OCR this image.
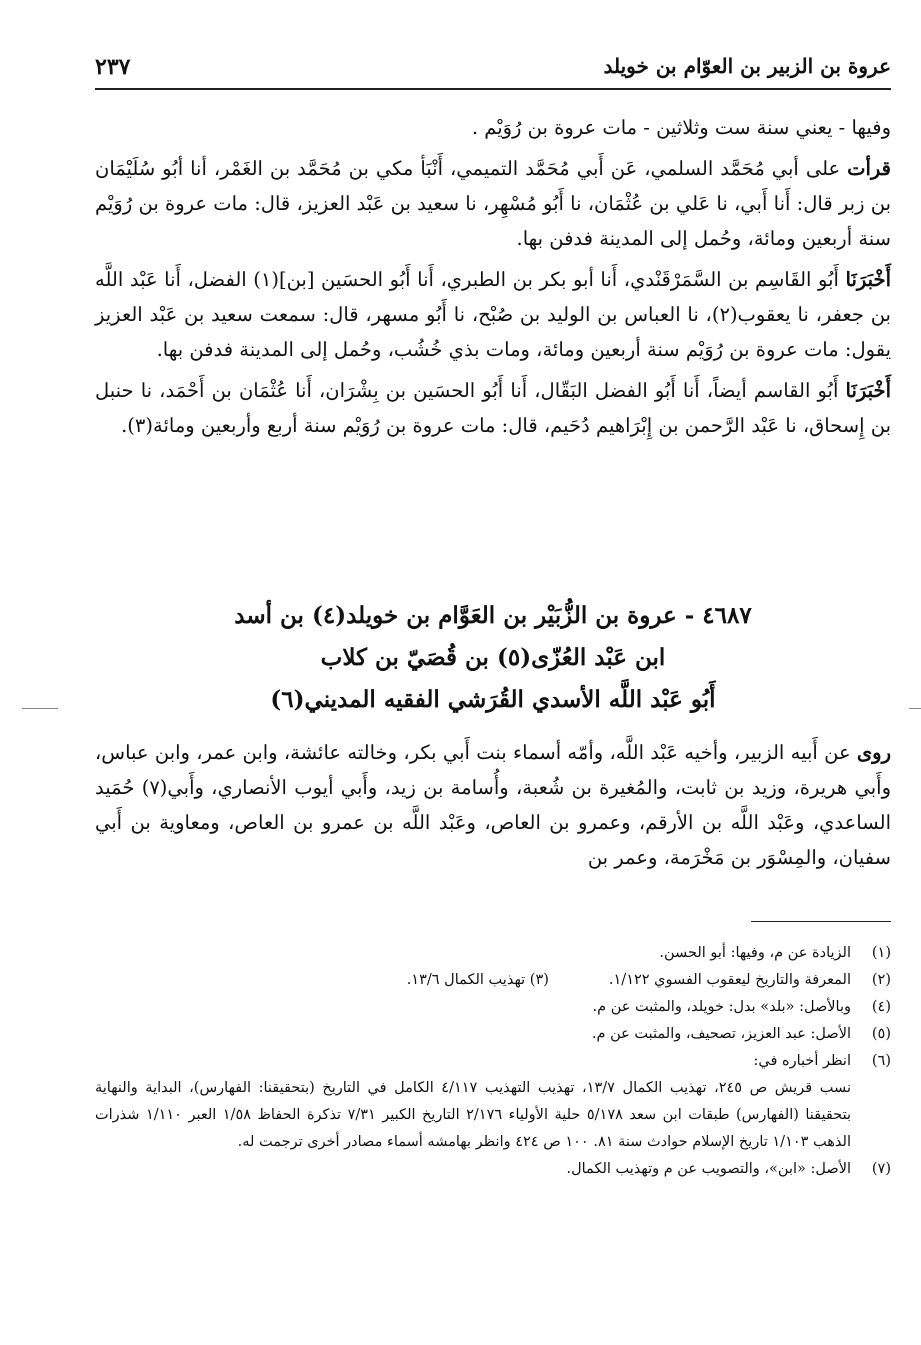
عروة بن الزبير بن العوّام بن خويلد
٢٣٧

وفيها - يعني سنة ست وثلاثين - مات عروة بن رُوَيْم .

قرأت على أبي مُحَمَّد السلمي، عَن أَبي مُحَمَّد التميمي، أَنْبَأ مكي بن مُحَمَّد بن الغَمْر، أنا أبُو سُلَيْمَان بن زبر قال: أَنا أَبي، نا عَلي بن عُثْمَان، نا أَبُو مُسْهِر، نا سعيد بن عَبْد العزيز، قال: مات عروة بن رُوَيْم سنة أربعين ومائة، وحُمل إلى المدينة فدفن بها.

أَخْبَرَنَا أَبُو القَاسِم بن السَّمَرْقَنْدي، أَنا أبو بكر بن الطبري، أَنا أَبُو الحسَين [بن](١) الفضل، أَنا عَبْد اللَّه بن جعفر، نا يعقوب(٢)، نا العباس بن الوليد بن صُبْح، نا أَبُو مسهر، قال: سمعت سعيد بن عَبْد العزيز يقول: مات عروة بن رُوَيْم سنة أربعين ومائة، ومات بذي خُشُب، وحُمل إلى المدينة فدفن بها.

أَخْبَرَنَا أَبُو القاسم أيضاً، أَنا أَبُو الفضل البَقّال، أَنا أَبُو الحسَين بن بِشْرَان، أَنا عُثْمَان بن أَحْمَد، نا حنبل بن إِسحاق، نا عَبْد الرَّحمن بن إِبْرَاهيم دُحَيم، قال: مات عروة بن رُوَيْم سنة أربع وأربعين ومائة(٣).

٤٦٨٧ - عروة بن الزُّبَيْر بن العَوَّام بن خويلد(٤) بن أسد
ابن عَبْد العُزّى(٥) بن قُصَيّ بن كلاب
أَبُو عَبْد اللَّه الأسدي القُرَشي الفقيه المديني(٦)
روى عن أَبيه الزبير، وأخيه عَبْد اللَّه، وأمّه أسماء بنت أَبي بكر، وخالته عائشة، وابن عمر، وابن عباس، وأَبي هريرة، وزيد بن ثابت، والمُغيرة بن شُعبة، وأُسامة بن زيد، وأَبي أيوب الأنصاري، وأَبي(٧) حُمَيد الساعدي، وعَبْد اللَّه بن الأرقم، وعمرو بن العاص، وعَبْد اللَّه بن عمرو بن العاص، ومعاوية بن أَبي سفيان، والمِسْوَر بن مَخْرَمة، وعمر بن
(١)
الزيادة عن م، وفيها: أبو الحسن.
(٢)
المعرفة والتاريخ ليعقوب الفسوي ١/١٢٢.(٣) تهذيب الكمال ١٣/٦.
(٤)
وبالأصل: «بلد» بدل: خويلد، والمثبت عن م.
(٥)
الأصل: عبد العزيز، تصحيف، والمثبت عن م.
(٦)
انظر أخباره في:
نسب قريش ص ٢٤٥، تهذيب الكمال ١٣/٧، تهذيب التهذيب ٤/١١٧ الكامل في التاريخ (بتحقيقنا: الفهارس)، البداية والنهاية بتحقيقنا (الفهارس) طبقات ابن سعد ٥/١٧٨ حلية الأولياء ٢/١٧٦ التاريخ الكبير ٧/٣١ تذكرة الحفاظ ١/٥٨ العبر ١/١١٠ شذرات الذهب ١/١٠٣ تاريخ الإسلام حوادث سنة ٨١. ١٠٠ ص ٤٢٤ وانظر بهامشه أسماء مصادر أخرى ترجمت له.
(٧)
الأصل: «ابن»، والتصويب عن م وتهذيب الكمال.
